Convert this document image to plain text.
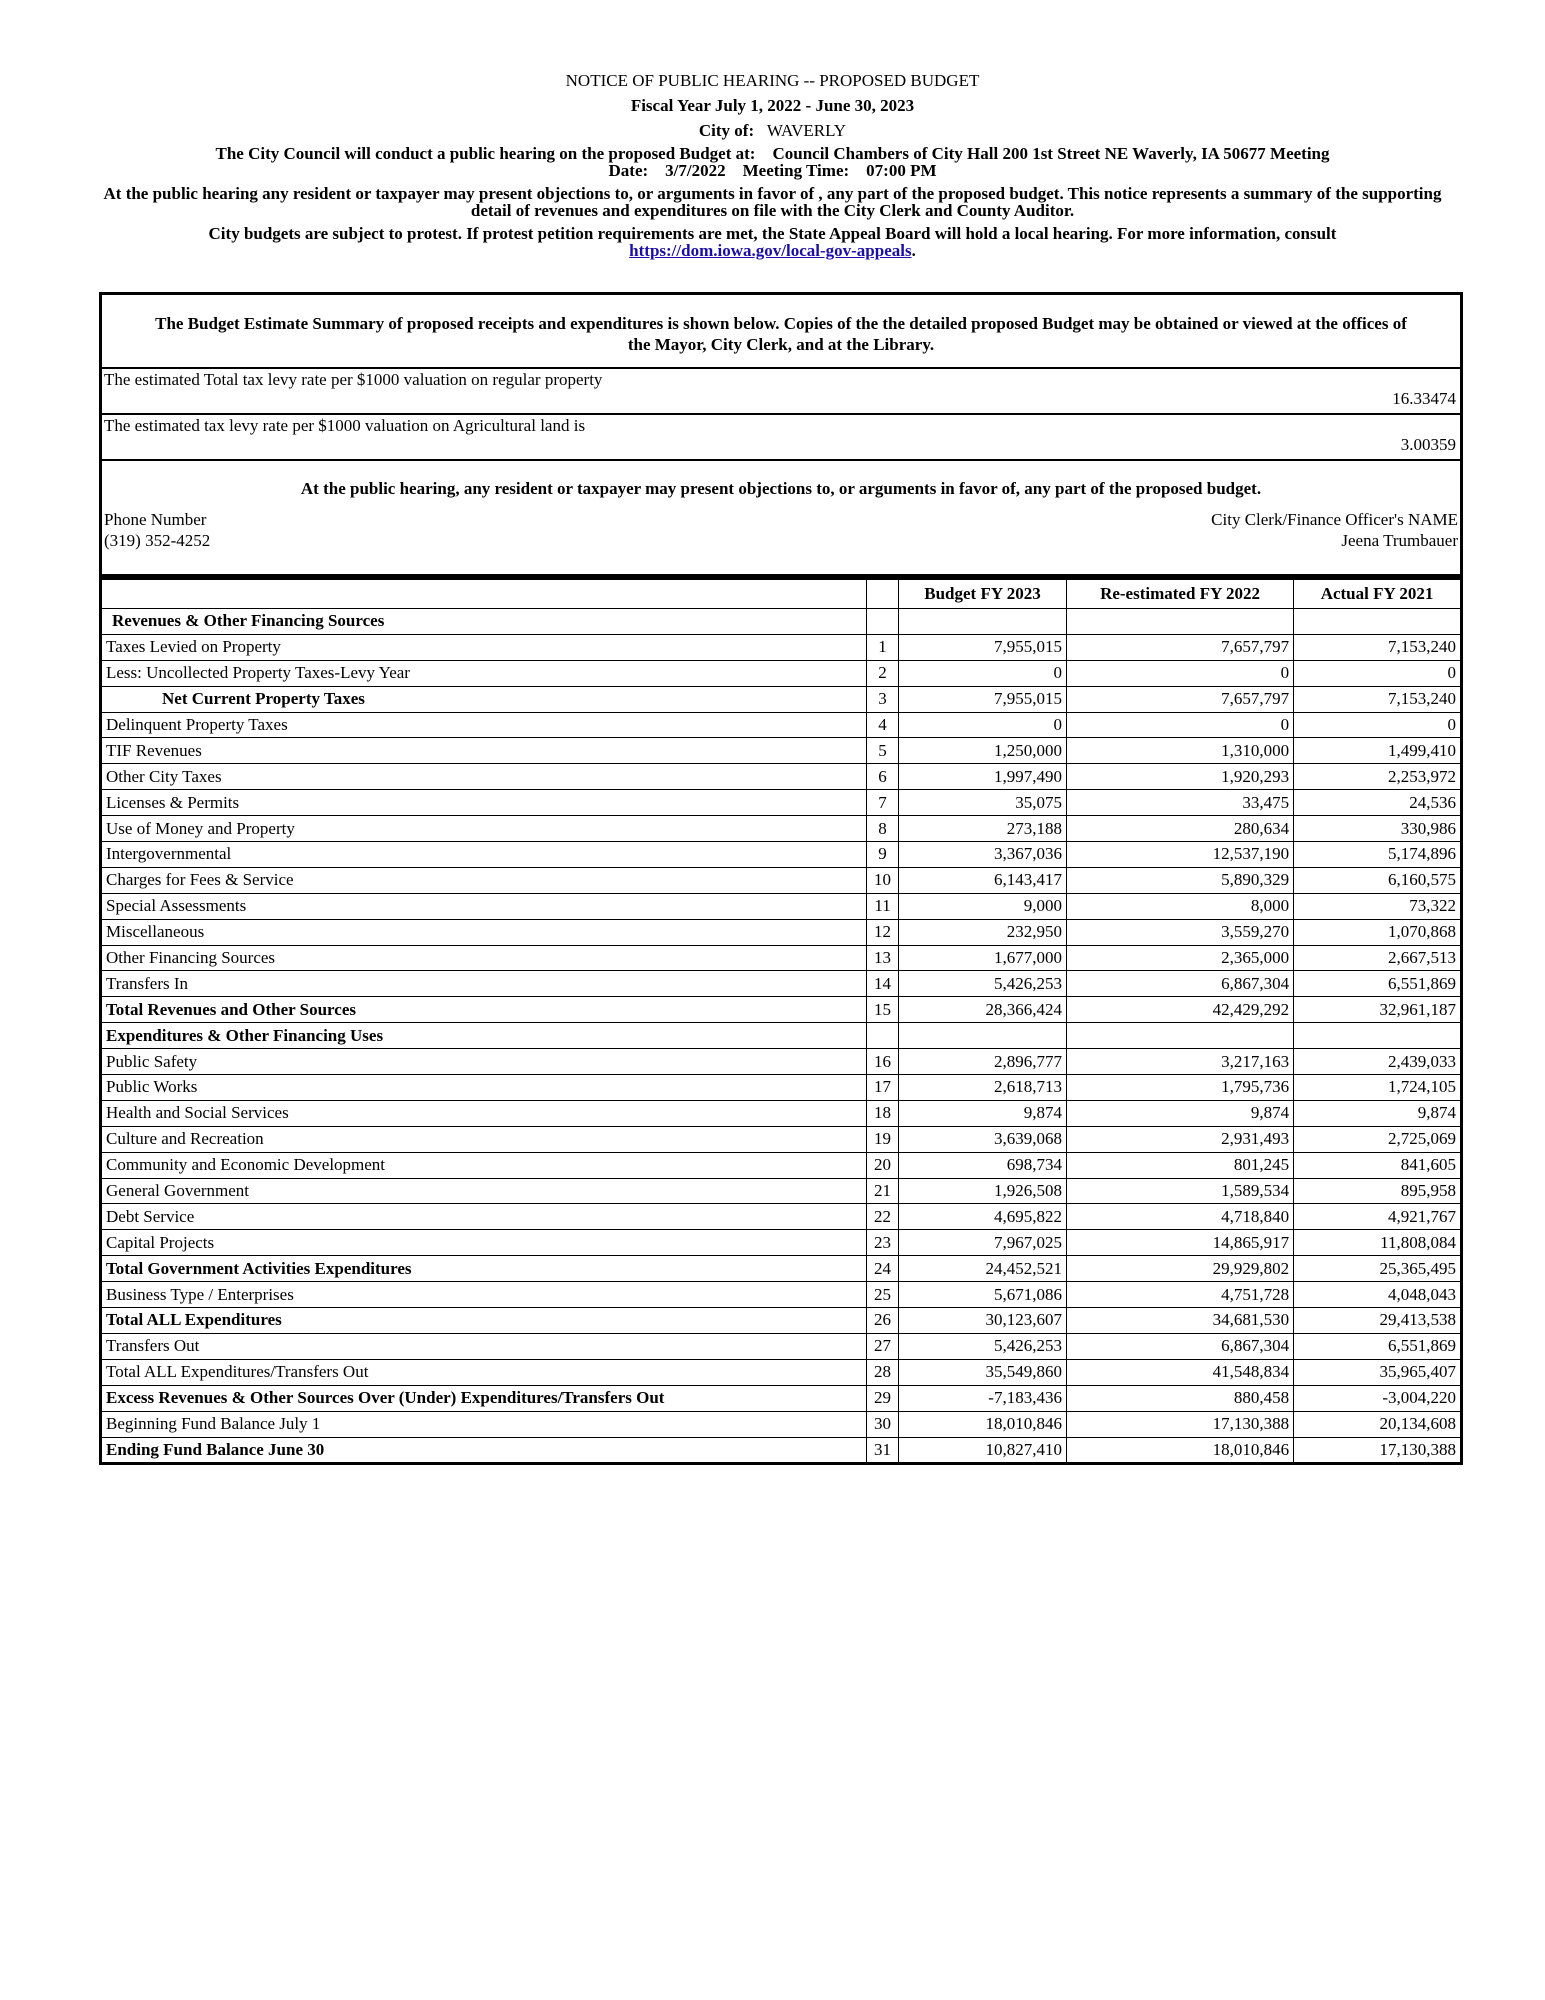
NOTICE OF PUBLIC HEARING -- PROPOSED BUDGET
Fiscal Year July 1, 2022 - June 30, 2023
City of: WAVERLY
The City Council will conduct a public hearing on the proposed Budget at: Council Chambers of City Hall 200 1st Street NE Waverly, IA 50677 Meeting
Date: 3/7/2022 Meeting Time: 07:00 PM
At the public hearing any resident or taxpayer may present objections to, or arguments in favor of , any part of the proposed budget. This notice represents a summary of the supporting detail of revenues and expenditures on file with the City Clerk and County Auditor.
City budgets are subject to protest. If protest petition requirements are met, the State Appeal Board will hold a local hearing. For more information, consult
https://dom.iowa.gov/local-gov-appeals.
The Budget Estimate Summary of proposed receipts and expenditures is shown below. Copies of the the detailed proposed Budget may be obtained or viewed at the offices of the Mayor, City Clerk, and at the Library.
The estimated Total tax levy rate per $1000 valuation on regular property
16.33474
The estimated tax levy rate per $1000 valuation on Agricultural land is
3.00359
At the public hearing, any resident or taxpayer may present objections to, or arguments in favor of, any part of the proposed budget.
Phone Number
(319) 352-4252
City Clerk/Finance Officer's NAME
Jeena Trumbauer
		Budget FY 2023	Re-estimated FY 2022	Actual FY 2021
Revenues & Other Financing Sources				
Taxes Levied on Property	1	7,955,015	7,657,797	7,153,240
Less: Uncollected Property Taxes-Levy Year	2	0	0	0
Net Current Property Taxes	3	7,955,015	7,657,797	7,153,240
Delinquent Property Taxes	4	0	0	0
TIF Revenues	5	1,250,000	1,310,000	1,499,410
Other City Taxes	6	1,997,490	1,920,293	2,253,972
Licenses & Permits	7	35,075	33,475	24,536
Use of Money and Property	8	273,188	280,634	330,986
Intergovernmental	9	3,367,036	12,537,190	5,174,896
Charges for Fees & Service	10	6,143,417	5,890,329	6,160,575
Special Assessments	11	9,000	8,000	73,322
Miscellaneous	12	232,950	3,559,270	1,070,868
Other Financing Sources	13	1,677,000	2,365,000	2,667,513
Transfers In	14	5,426,253	6,867,304	6,551,869
Total Revenues and Other Sources	15	28,366,424	42,429,292	32,961,187
Expenditures & Other Financing Uses				
Public Safety	16	2,896,777	3,217,163	2,439,033
Public Works	17	2,618,713	1,795,736	1,724,105
Health and Social Services	18	9,874	9,874	9,874
Culture and Recreation	19	3,639,068	2,931,493	2,725,069
Community and Economic Development	20	698,734	801,245	841,605
General Government	21	1,926,508	1,589,534	895,958
Debt Service	22	4,695,822	4,718,840	4,921,767
Capital Projects	23	7,967,025	14,865,917	11,808,084
Total Government Activities Expenditures	24	24,452,521	29,929,802	25,365,495
Business Type / Enterprises	25	5,671,086	4,751,728	4,048,043
Total ALL Expenditures	26	30,123,607	34,681,530	29,413,538
Transfers Out	27	5,426,253	6,867,304	6,551,869
Total ALL Expenditures/Transfers Out	28	35,549,860	41,548,834	35,965,407
Excess Revenues & Other Sources Over (Under) Expenditures/Transfers Out	29	-7,183,436	880,458	-3,004,220
Beginning Fund Balance July 1	30	18,010,846	17,130,388	20,134,608
Ending Fund Balance June 30	31	10,827,410	18,010,846	17,130,388
